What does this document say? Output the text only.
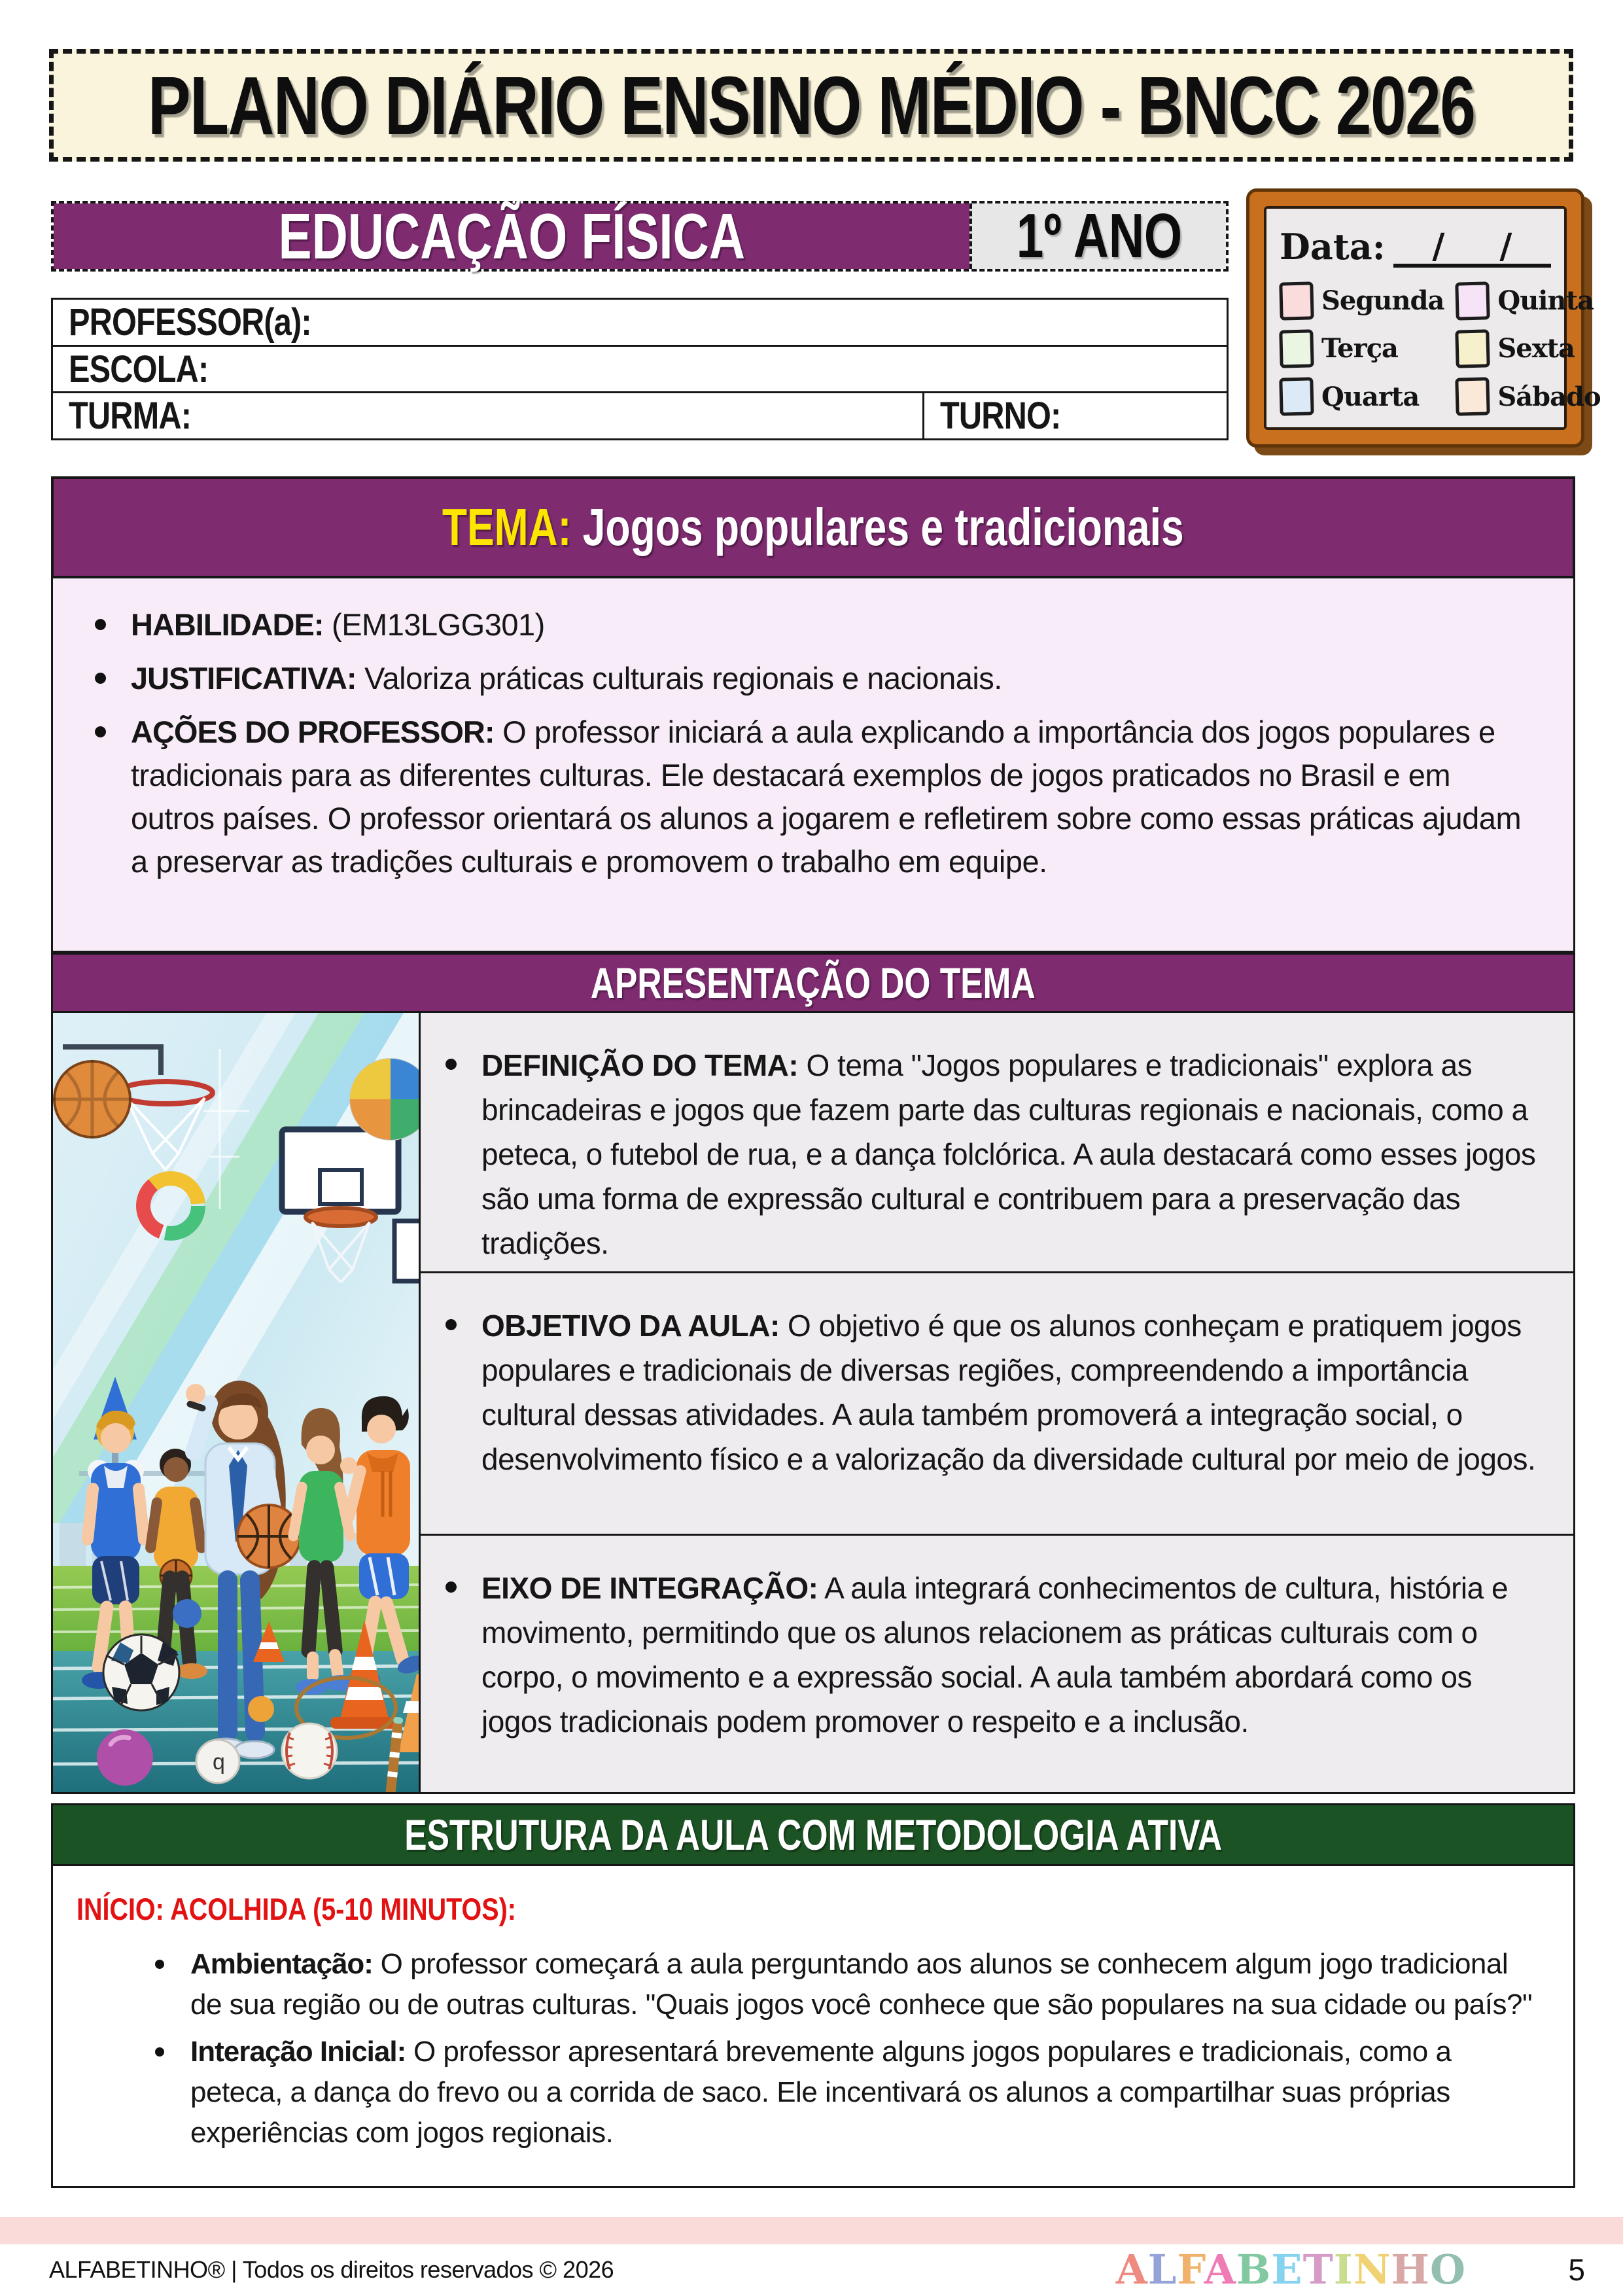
PLANO DIÁRIO ENSINO MÉDIO - BNCC 2026
EDUCAÇÃO FÍSICA	1º ANO	Data: / /
Segunda Quinta
Terça	Sexta
Quarta	Sábado
PROFESSOR(a):
ESCOLA:
TURMA:	TURNO:
TEMA: Jogos populares e tradicionais
HABILIDADE: (EM13LGG301)
JUSTIFICATIVA: Valoriza práticas culturais regionais e nacionais.
AÇÕES DO PROFESSOR: O professor iniciará a aula explicando a importância dos jogos populares e tradicionais para as diferentes culturas. Ele destacará exemplos de jogos praticados no Brasil e em outros países. O professor orientará os alunos a jogarem e refletirem sobre como essas práticas ajudam a preservar as tradições culturais e promovem o trabalho em equipe.
APRESENTAÇÃO DO TEMA
q
DEFINIÇÃO DO TEMA: O tema "Jogos populares e tradicionais" explora as brincadeiras e jogos que fazem parte das culturas regionais e nacionais, como a peteca, o futebol de rua, e a dança folclórica. A aula destacará como esses jogos são uma forma de expressão cultural e contribuem para a preservação das tradições.
OBJETIVO DA AULA: O objetivo é que os alunos conheçam e pratiquem jogos populares e tradicionais de diversas regiões, compreendendo a importância cultural dessas atividades. A aula também promoverá a integração social, o desenvolvimento físico e a valorização da diversidade cultural por meio de jogos.
EIXO DE INTEGRAÇÃO: A aula integrará conhecimentos de cultura, história e movimento, permitindo que os alunos relacionem as práticas culturais com o corpo, o movimento e a expressão social. A aula também abordará como os jogos tradicionais podem promover o respeito e a inclusão.
ESTRUTURA DA AULA COM METODOLOGIA ATIVA
INÍCIO: ACOLHIDA (5-10 MINUTOS):
Ambientação: O professor começará a aula perguntando aos alunos se conhecem algum jogo tradicional de sua região ou de outras culturas. "Quais jogos você conhece que são populares na sua cidade ou país?"
Interação Inicial: O professor apresentará brevemente alguns jogos populares e tradicionais, como a peteca, a dança do frevo ou a corrida de saco. Ele incentivará os alunos a compartilhar suas próprias experiências com jogos regionais.
ALFABETINHO® | Todos os direitos reservados © 2026	ALFABETINHO	5
